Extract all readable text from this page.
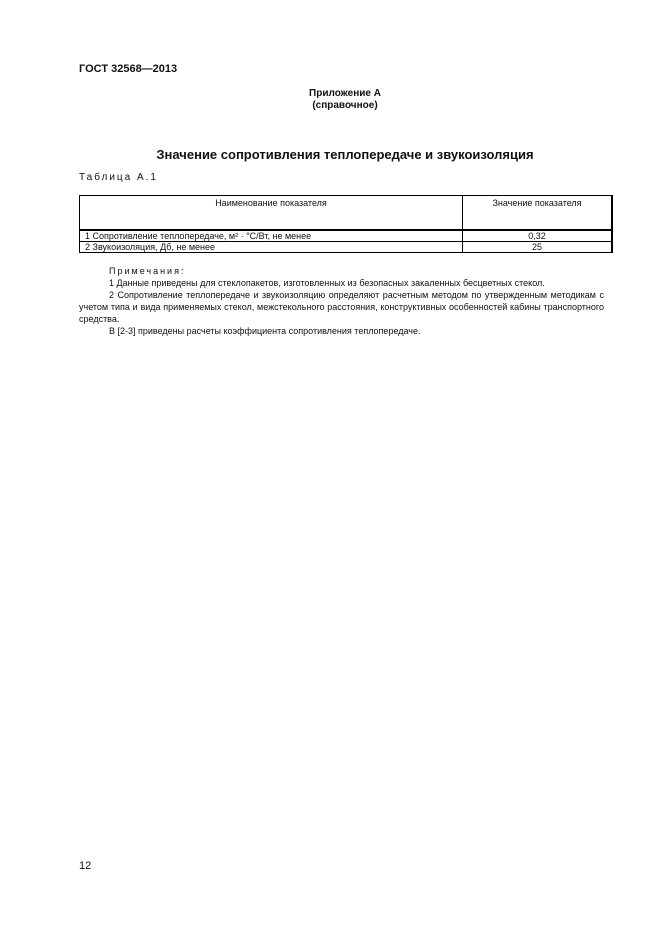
ГОСТ 32568—2013
Приложение А
(справочное)
Значение сопротивления теплопередаче и звукоизоляция
Таблица А.1
Наименование показателя	Значение показателя
1 Сопротивление теплопередаче, м² · °С/Вт, не менее	0,32
2 Звукоизоляция, Дб, не менее	25
Примечания:

1 Данные приведены для стеклопакетов, изготовленных из безопасных закаленных бесцветных стекол.

2 Сопротивление теплопередаче и звукоизоляцию определяют расчетным методом по утвержденным методикам с учетом типа и вида применяемых стекол, межстекольного расстояния, конструктивных особенностей кабины транспортного средства.

В [2-3] приведены расчеты коэффициента сопротивления теплопередаче.

12
